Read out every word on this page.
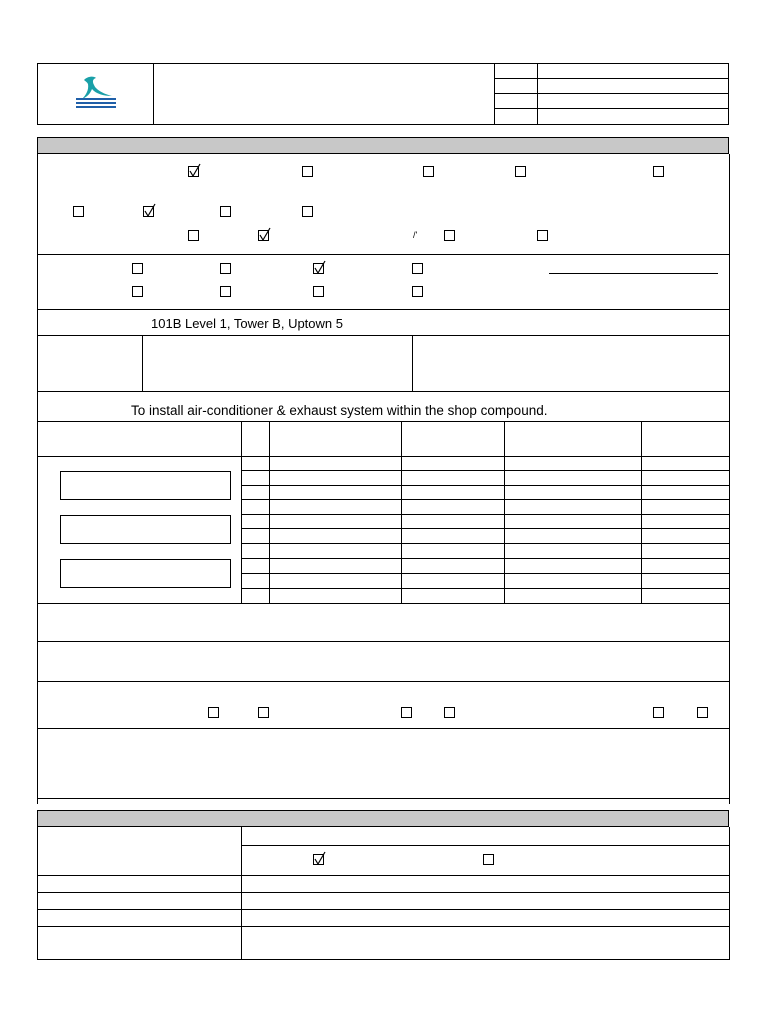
/'
101B Level 1, Tower B, Uptown 5
To install air-conditioner & exhaust system within the shop compound.
